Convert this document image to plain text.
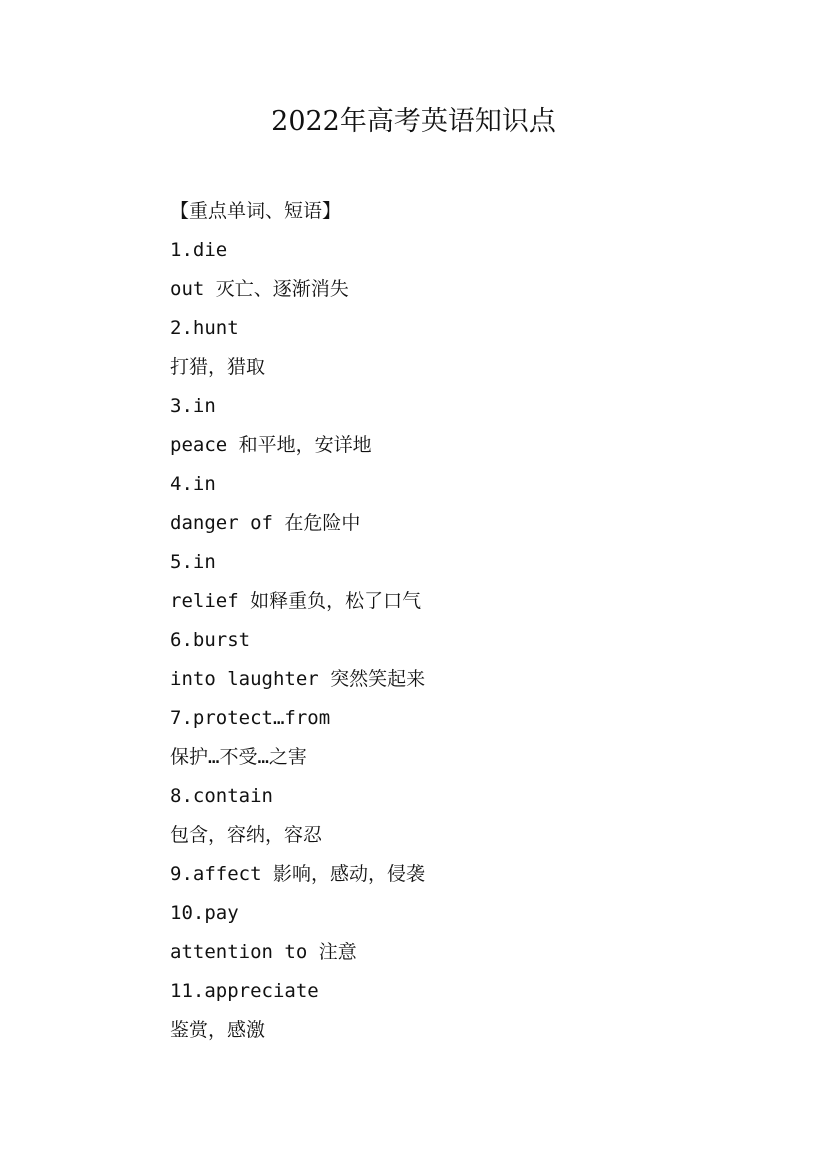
2022年高考英语知识点
【重点单词、短语】
1.die
out 灭亡、逐渐消失
2.hunt
打猎，猎取
3.in
peace 和平地，安详地
4.in
danger of 在危险中
5.in
relief 如释重负，松了口气
6.burst
into laughter 突然笑起来
7.protect…from
保护…不受…之害
8.contain
包含，容纳，容忍
9.affect 影响，感动，侵袭
10.pay
attention to 注意
11.appreciate
鉴赏，感激
